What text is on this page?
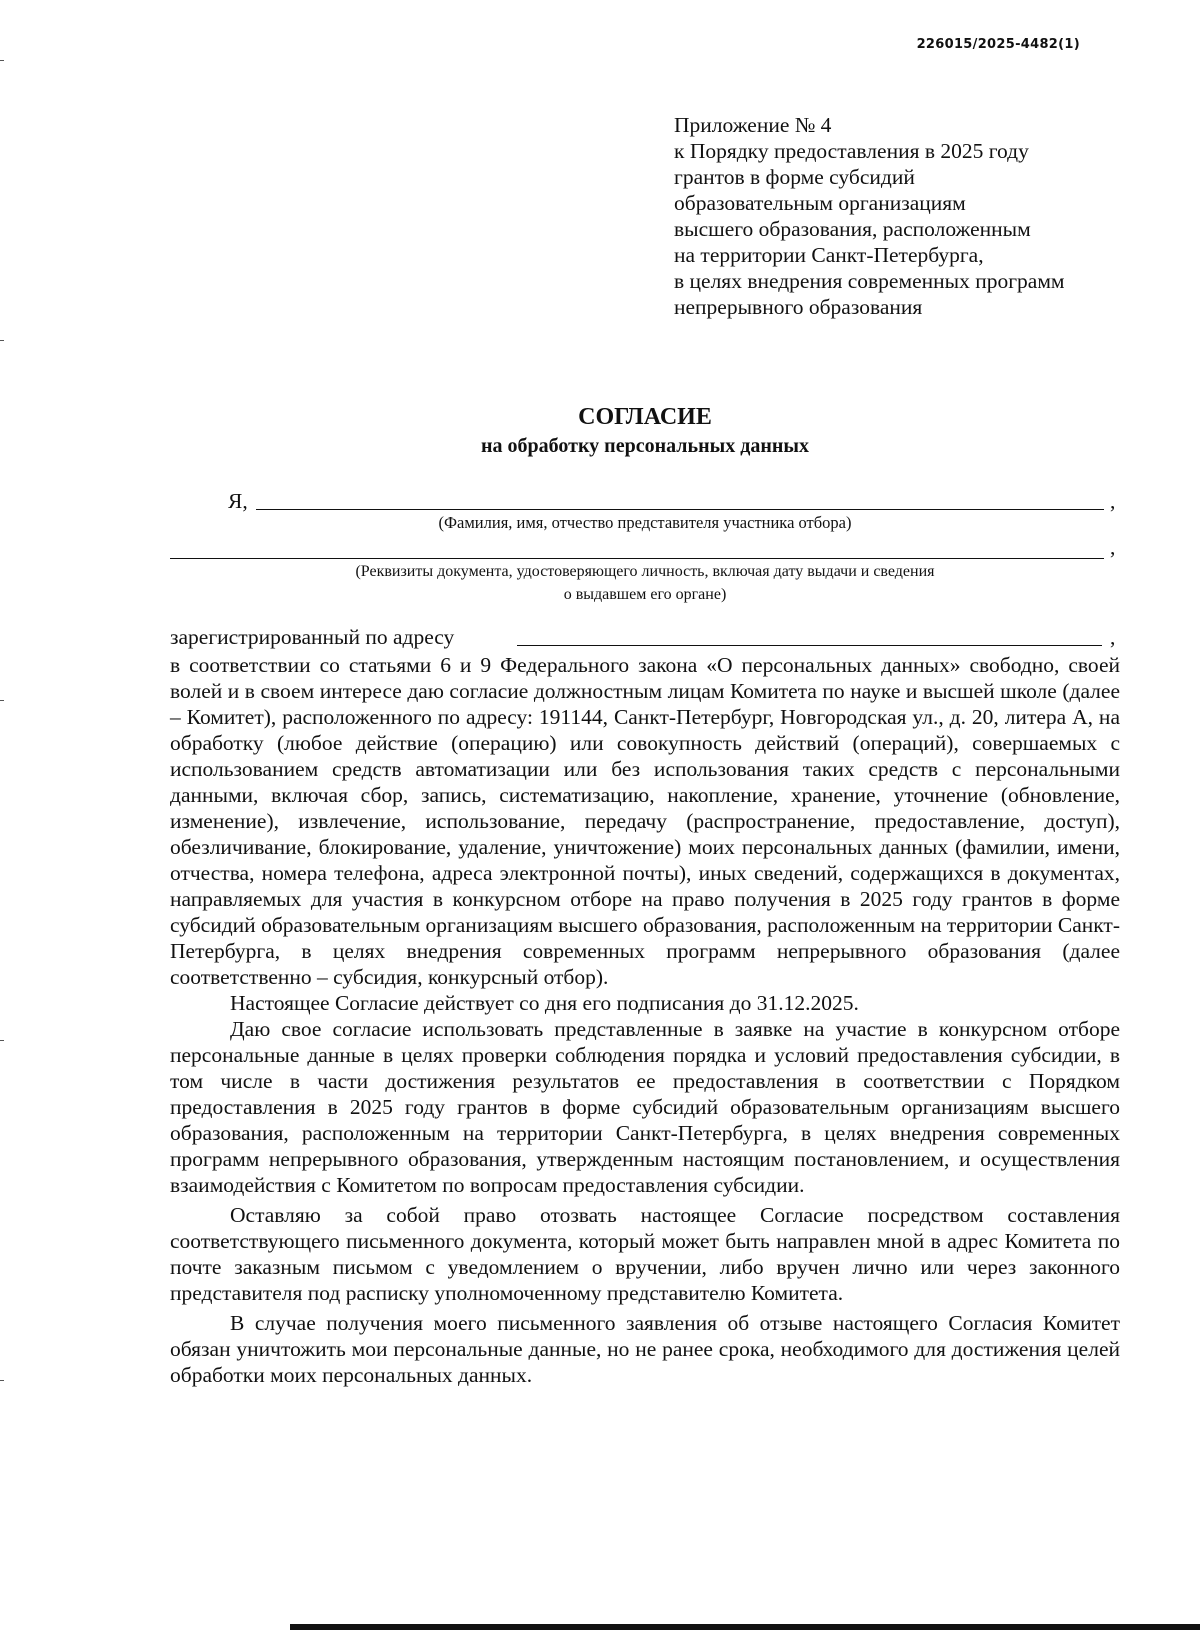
226015/2025-4482(1)
Приложение № 4
к Порядку предоставления в 2025 году
грантов в форме субсидий
образовательным организациям
высшего образования, расположенным
на территории Санкт-Петербурга,
в целях внедрения современных программ
непрерывного образования
СОГЛАСИЕ
на обработку персональных данных
Я,	,
(Фамилия, имя, отчество представителя участника отбора)
,
(Реквизиты документа, удостоверяющего личность, включая дату выдачи и сведения
о выдавшем его органе)
зарегистрированный по адресу	,

в соответствии со статьями 6 и 9 Федерального закона «О персональных данных» свободно, своей волей и в своем интересе даю согласие должностным лицам Комитета по науке и высшей школе (далее – Комитет), расположенного по адресу: 191144, Санкт-Петербург, Новгородская ул., д. 20, литера А, на обработку (любое действие (операцию) или совокупность действий (операций), совершаемых с использованием средств автоматизации или без использования таких средств с персональными данными, включая сбор, запись, систематизацию, накопление, хранение, уточнение (обновление, изменение), извлечение, использование, передачу (распространение, предоставление, доступ), обезличивание, блокирование, удаление, уничтожение) моих персональных данных (фамилии, имени, отчества, номера телефона, адреса электронной почты), иных сведений, содержащихся в документах, направляемых для участия в конкурсном отборе на право получения в 2025 году грантов в форме субсидий образовательным организациям высшего образования, расположенным на территории Санкт-Петербурга, в целях внедрения современных программ непрерывного образования (далее соответственно – субсидия, конкурсный отбор).

Настоящее Согласие действует со дня его подписания до 31.12.2025.

Даю свое согласие использовать представленные в заявке на участие в конкурсном отборе персональные данные в целях проверки соблюдения порядка и условий предоставления субсидии, в том числе в части достижения результатов ее предоставления в соответствии с Порядком предоставления в 2025 году грантов в форме субсидий образовательным организациям высшего образования, расположенным на территории Санкт-Петербурга, в целях внедрения современных программ непрерывного образования, утвержденным настоящим постановлением, и осуществления взаимодействия с Комитетом по вопросам предоставления субсидии.

Оставляю за собой право отозвать настоящее Согласие посредством составления соответствующего письменного документа, который может быть направлен мной в адрес Комитета по почте заказным письмом с уведомлением о вручении, либо вручен лично или через законного представителя под расписку уполномоченному представителю Комитета.

В случае получения моего письменного заявления об отзыве настоящего Согласия Комитет обязан уничтожить мои персональные данные, но не ранее срока, необходимого для достижения целей обработки моих персональных данных.
